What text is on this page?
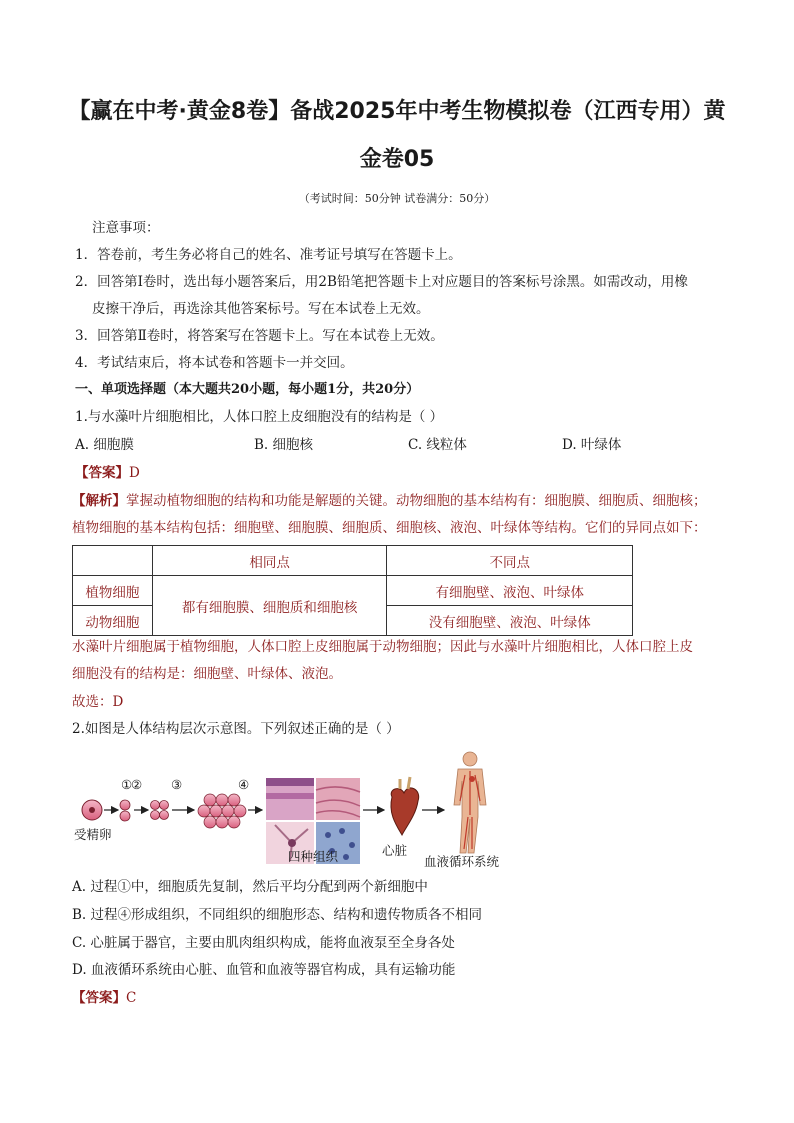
【赢在中考·黄金8卷】备战2025年中考生物模拟卷（江西专用）黄
金卷05
（考试时间：50分钟 试卷满分：50分）
注意事项：
1．答卷前，考生务必将自己的姓名、准考证号填写在答题卡上。
2．回答第Ⅰ卷时，选出每小题答案后，用2B铅笔把答题卡上对应题目的答案标号涂黑。如需改动，用橡
皮擦干净后，再选涂其他答案标号。写在本试卷上无效。
3．回答第Ⅱ卷时，将答案写在答题卡上。写在本试卷上无效。
4．考试结束后，将本试卷和答题卡一并交回。
一、单项选择题（本大题共20小题，每小题1分，共20分）
1.与水藻叶片细胞相比，人体口腔上皮细胞没有的结构是（ ）
A. 细胞膜	B. 细胞核	C. 线粒体	D. 叶绿体
【答案】D
【解析】掌握动植物细胞的结构和功能是解题的关键。动物细胞的基本结构有：细胞膜、细胞质、细胞核；
植物细胞的基本结构包括：细胞壁、细胞膜、细胞质、细胞核、液泡、叶绿体等结构。它们的异同点如下：
	相同点	不同点
植物细胞	都有细胞膜、细胞质和细胞核	有细胞壁、液泡、叶绿体
动物细胞		没有细胞壁、液泡、叶绿体
水藻叶片细胞属于植物细胞，人体口腔上皮细胞属于动物细胞；因此与水藻叶片细胞相比，人体口腔上皮
细胞没有的结构是：细胞壁、叶绿体、液泡。
故选：D
2.如图是人体结构层次示意图。下列叙述正确的是（ ）
①
② ③	④
受精卵
四种组织	心脏
血液循环系统
A. 过程①中，细胞质先复制，然后平均分配到两个新细胞中
B. 过程④形成组织，不同组织的细胞形态、结构和遗传物质各不相同
C. 心脏属于器官，主要由肌肉组织构成，能将血液泵至全身各处
D. 血液循环系统由心脏、血管和血液等器官构成，具有运输功能
【答案】C
